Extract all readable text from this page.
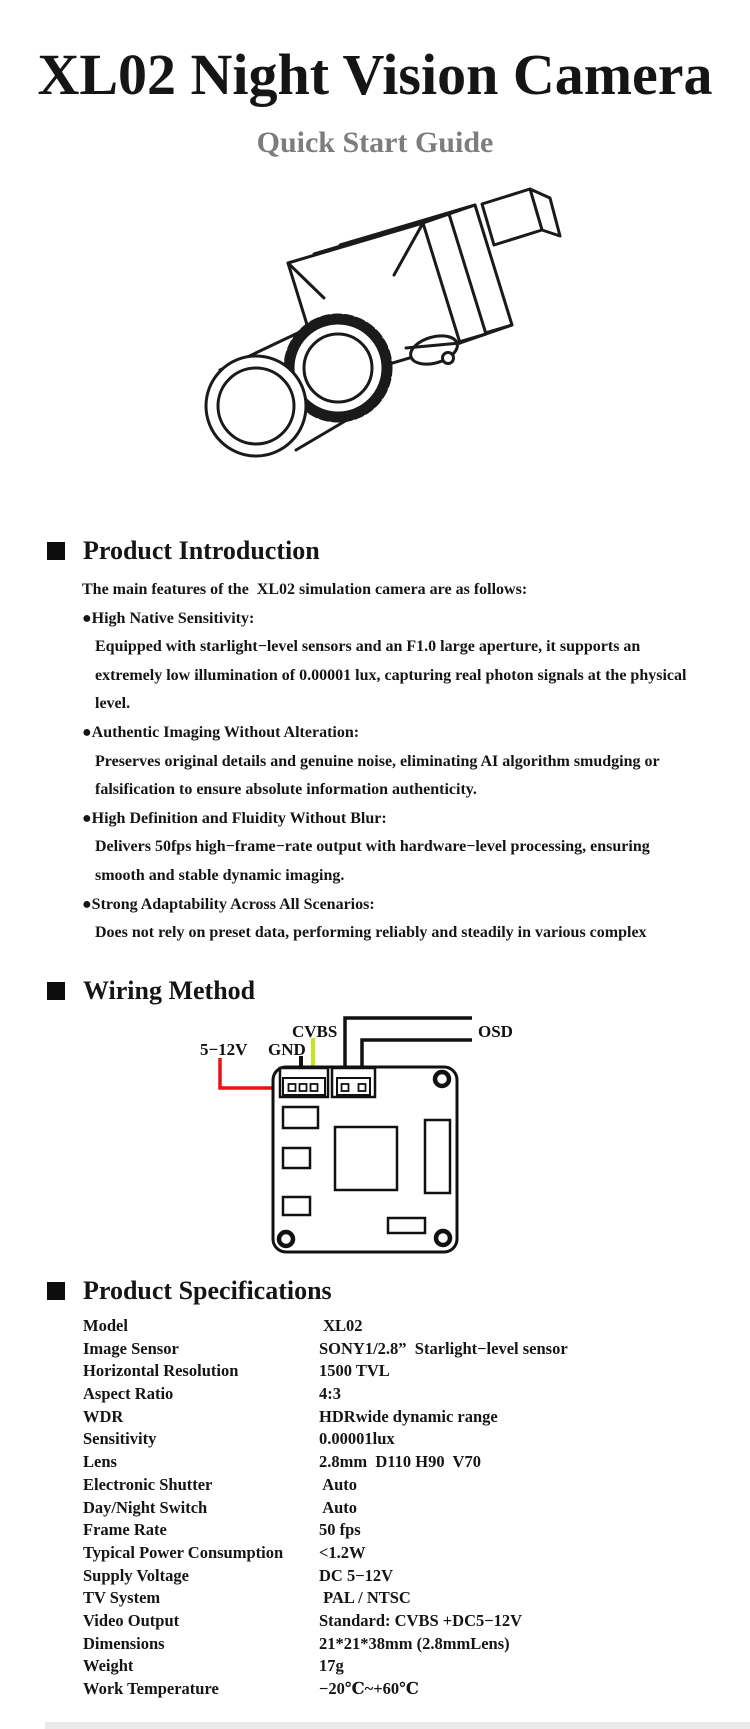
XL02 Night Vision Camera
Quick Start Guide
Product Introduction
The main features of the  XL02 simulation camera are as follows:
●High Native Sensitivity:
Equipped with starlight−level sensors and an F1.0 large aperture, it supports an
extremely low illumination of 0.00001 lux, capturing real photon signals at the physical
level.
●Authentic Imaging Without Alteration:
Preserves original details and genuine noise, eliminating AI algorithm smudging or
falsification to ensure absolute information authenticity.
●High Definition and Fluidity Without Blur:
Delivers 50fps high−frame−rate output with hardware−level processing, ensuring
smooth and stable dynamic imaging.
●Strong Adaptability Across All Scenarios:
Does not rely on preset data, performing reliably and steadily in various complex
Wiring Method
5−12V GND
CVBS	OSD
Product Specifications
Model	XL02
Image Sensor	SONY1/2.8”  Starlight−level sensor
Horizontal Resolution	1500 TVL
Aspect Ratio	4:3
WDR	HDRwide dynamic range
Sensitivity	0.00001lux
Lens	2.8mm  D110 H90  V70
Electronic Shutter	Auto
Day/Night Switch	Auto
Frame Rate	50 fps
Typical Power Consumption	<1.2W
Supply Voltage	DC 5−12V
TV System	PAL / NTSC
Video Output	Standard: CVBS +DC5−12V
Dimensions	21*21*38mm (2.8mmLens)
Weight	17g
Work Temperature	−20℃~+60℃
